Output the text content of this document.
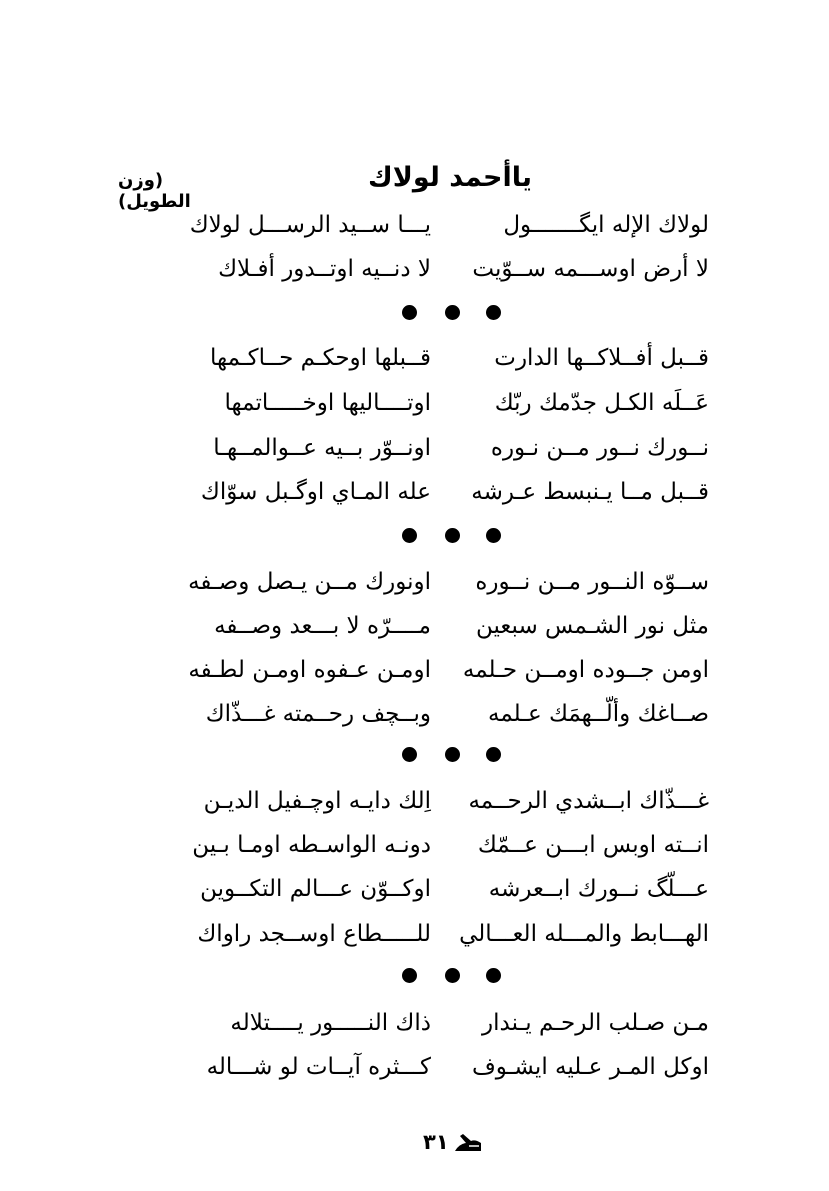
ياأحمد لولاك
(وزن الطويل)
لولاك الإله ايگـــــــول
يـــا ســيد الرســـل لولاك
لا أرض اوســـمه ســوّيت
لا دنــيه اوتــدور أفـلاك
قــبل أفــلاكــها الدارت
قــبلها اوحكـم حــاكـمها
عَــلَه الكـل جدّمك ربّك
اوتــــاليها اوخـــــاتمها
نــورك نــور مــن نـوره
اونــوّر بــيه عــوالمــهـا
قــبل مــا يـنبسط عـرشه
عله المـاي اوگـبل سوّاك
ســوّه النــور مــن نــوره
اونورك مــن يـصل وصـفه
مثل نور الشـمس سبعين
مــــرّه لا بـــعد وصــفه
اومن جــوده اومــن حـلمه
اومـن عـفوه اومـن لطـفه
صــاغك وألّــهمَك عـلمه
وبــچف رحــمته غـــذّاك
غـــذّاك ابــشدي الرحــمه
اِلك دايـه اوچـفيل الديـن
انــته اوبس ابـــن عــمّك
دونـه الواسـطه اومـا بـين
عـــلّگ نــورك ابــعرشه
اوكــوّن عـــالم التكــوين
الهـــابط والمـــله العـــالي
للـــــطاع اوســجد راواك
مـن صـلب الرحـم يـندار
ذاك النـــــور يــــتلاله
اوكل المـر عـليه ايشـوف
كـــثره آيــات لو شـــاله
٣١
